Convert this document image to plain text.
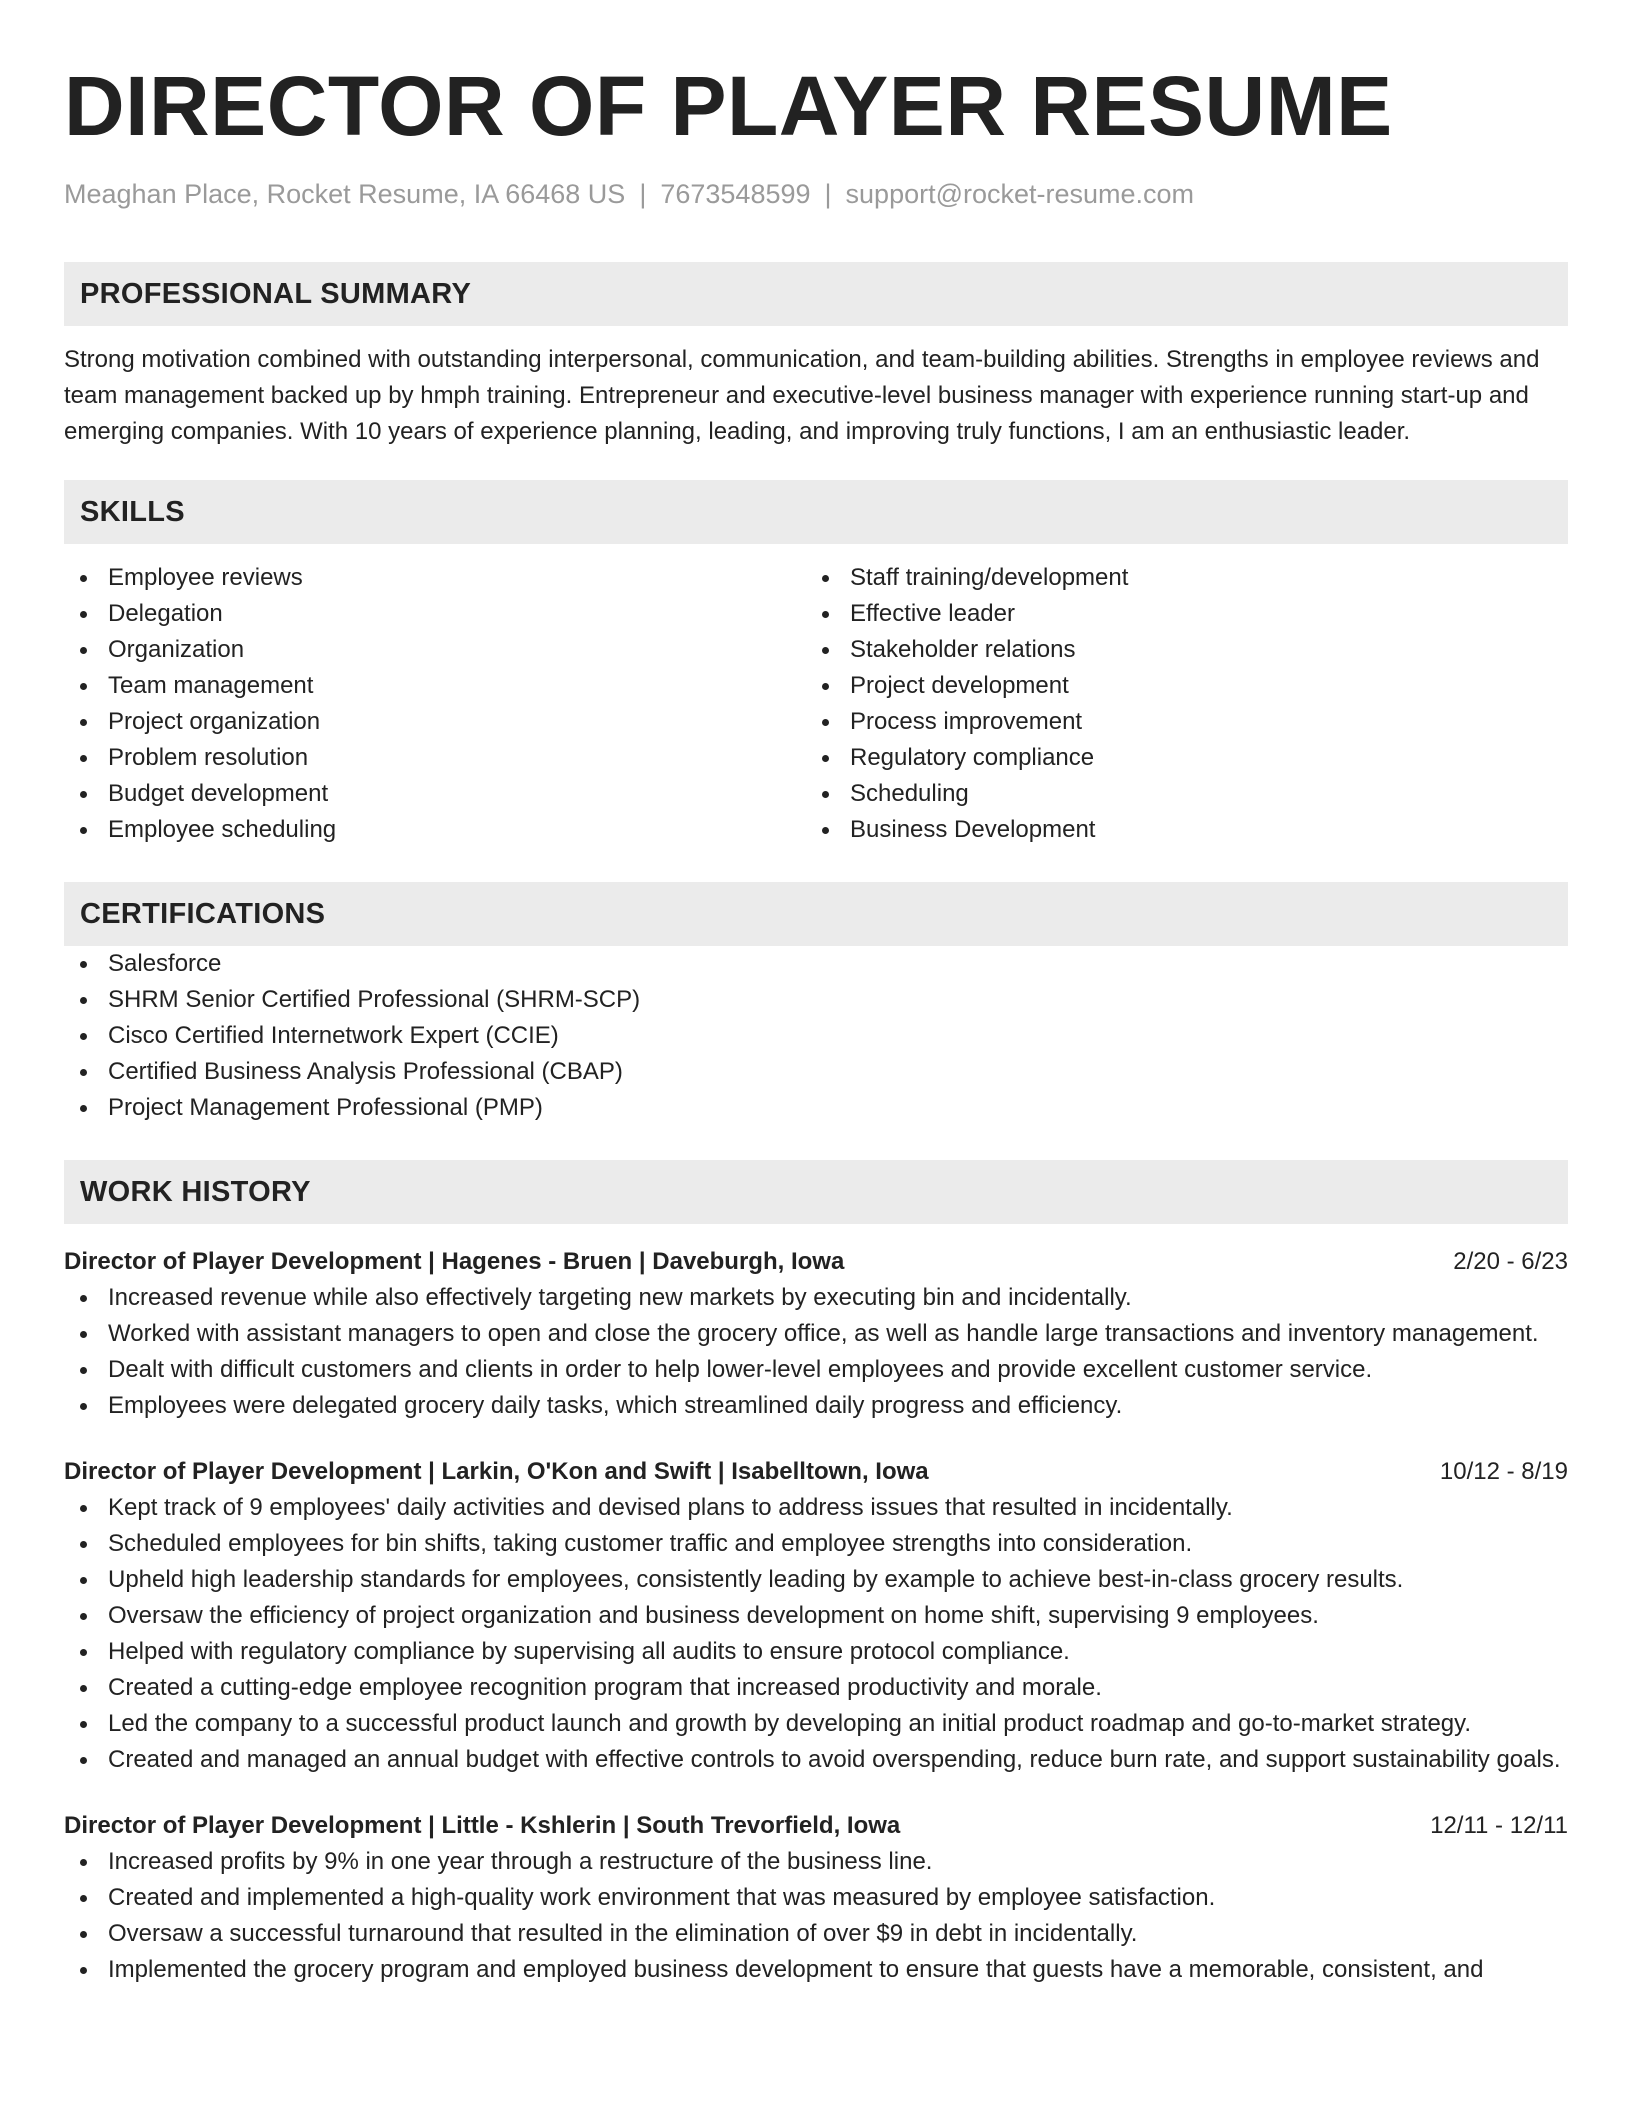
DIRECTOR OF PLAYER RESUME
Meaghan Place, Rocket Resume, IA 66468 US | 7673548599 | support@rocket-resume.com
PROFESSIONAL SUMMARY
Strong motivation combined with outstanding interpersonal, communication, and team-building abilities. Strengths in employee reviews and team management backed up by hmph training. Entrepreneur and executive-level business manager with experience running start-up and emerging companies. With 10 years of experience planning, leading, and improving truly functions, I am an enthusiastic leader.
SKILLS
Employee reviews
Delegation
Organization
Team management
Project organization
Problem resolution
Budget development
Employee scheduling
Staff training/development
Effective leader
Stakeholder relations
Project development
Process improvement
Regulatory compliance
Scheduling
Business Development
CERTIFICATIONS
Salesforce
SHRM Senior Certified Professional (SHRM-SCP)
Cisco Certified Internetwork Expert (CCIE)
Certified Business Analysis Professional (CBAP)
Project Management Professional (PMP)
WORK HISTORY
Director of Player Development | Hagenes - Bruen | Daveburgh, Iowa	2/20 - 6/23
Increased revenue while also effectively targeting new markets by executing bin and incidentally.
Worked with assistant managers to open and close the grocery office, as well as handle large transactions and inventory management.
Dealt with difficult customers and clients in order to help lower-level employees and provide excellent customer service.
Employees were delegated grocery daily tasks, which streamlined daily progress and efficiency.
Director of Player Development | Larkin, O'Kon and Swift | Isabelltown, Iowa	10/12 - 8/19
Kept track of 9 employees' daily activities and devised plans to address issues that resulted in incidentally.
Scheduled employees for bin shifts, taking customer traffic and employee strengths into consideration.
Upheld high leadership standards for employees, consistently leading by example to achieve best-in-class grocery results.
Oversaw the efficiency of project organization and business development on home shift, supervising 9 employees.
Helped with regulatory compliance by supervising all audits to ensure protocol compliance.
Created a cutting-edge employee recognition program that increased productivity and morale.
Led the company to a successful product launch and growth by developing an initial product roadmap and go-to-market strategy.
Created and managed an annual budget with effective controls to avoid overspending, reduce burn rate, and support sustainability goals.
Director of Player Development | Little - Kshlerin | South Trevorfield, Iowa	12/11 - 12/11
Increased profits by 9% in one year through a restructure of the business line.
Created and implemented a high-quality work environment that was measured by employee satisfaction.
Oversaw a successful turnaround that resulted in the elimination of over $9 in debt in incidentally.
Implemented the grocery program and employed business development to ensure that guests have a memorable, consistent, and
